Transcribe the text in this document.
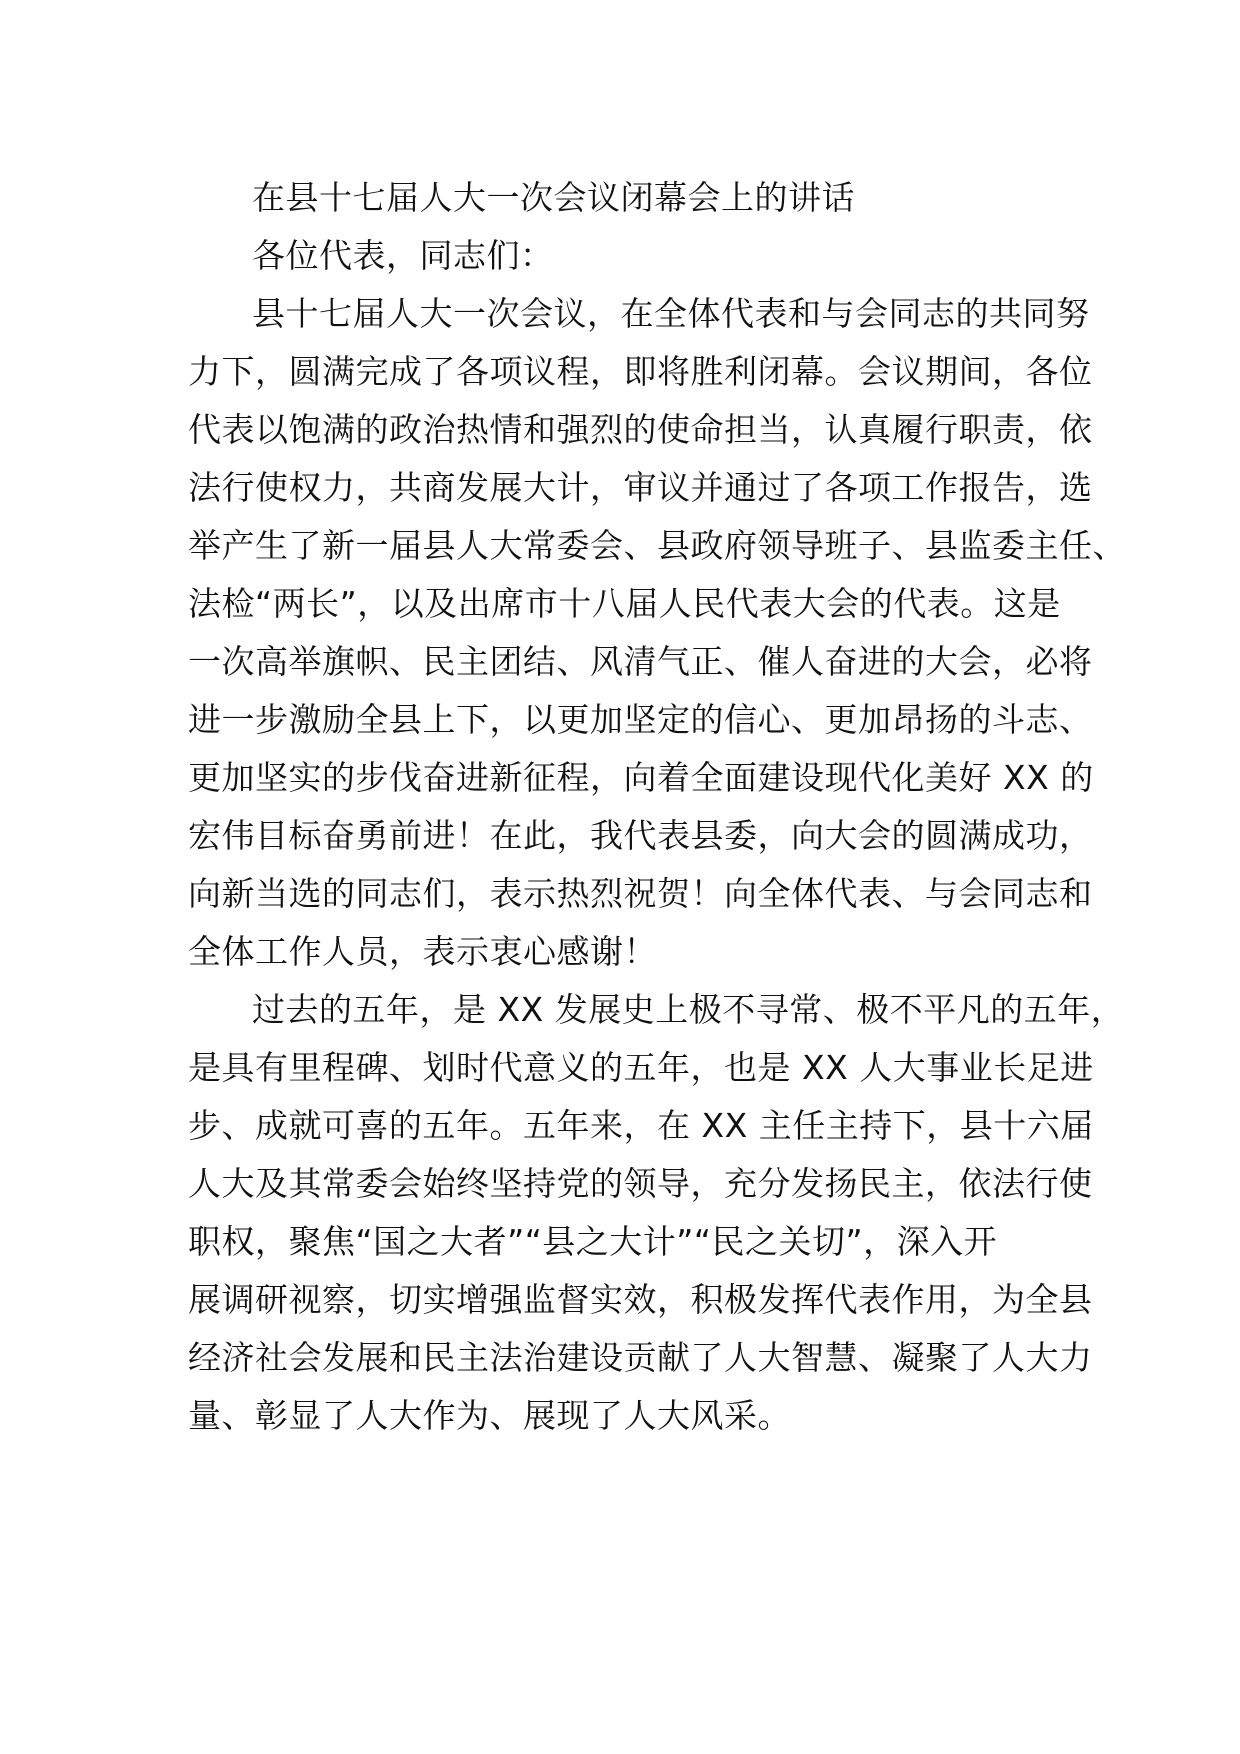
在县十七届人大一次会议闭幕会上的讲话
各位代表，同志们：
县十七届人大一次会议，在全体代表和与会同志的共同努
力下，圆满完成了各项议程，即将胜利闭幕。会议期间，各位
代表以饱满的政治热情和强烈的使命担当，认真履行职责，依
法行使权力，共商发展大计，审议并通过了各项工作报告，选
举产生了新一届县人大常委会、县政府领导班子、县监委主任、
法检“两长”，以及出席市十八届人民代表大会的代表。这是
一次高举旗帜、民主团结、风清气正、催人奋进的大会，必将
进一步激励全县上下，以更加坚定的信心、更加昂扬的斗志、
更加坚实的步伐奋进新征程，向着全面建设现代化美好 XX 的
宏伟目标奋勇前进！在此，我代表县委，向大会的圆满成功，
向新当选的同志们，表示热烈祝贺！向全体代表、与会同志和
全体工作人员，表示衷心感谢！
过去的五年，是 XX 发展史上极不寻常、极不平凡的五年，
是具有里程碑、划时代意义的五年，也是 XX 人大事业长足进
步、成就可喜的五年。五年来，在 XX 主任主持下，县十六届
人大及其常委会始终坚持党的领导，充分发扬民主，依法行使
职权，聚焦“国之大者”“县之大计”“民之关切”，深入开
展调研视察，切实增强监督实效，积极发挥代表作用，为全县
经济社会发展和民主法治建设贡献了人大智慧、凝聚了人大力
量、彰显了人大作为、展现了人大风采。
